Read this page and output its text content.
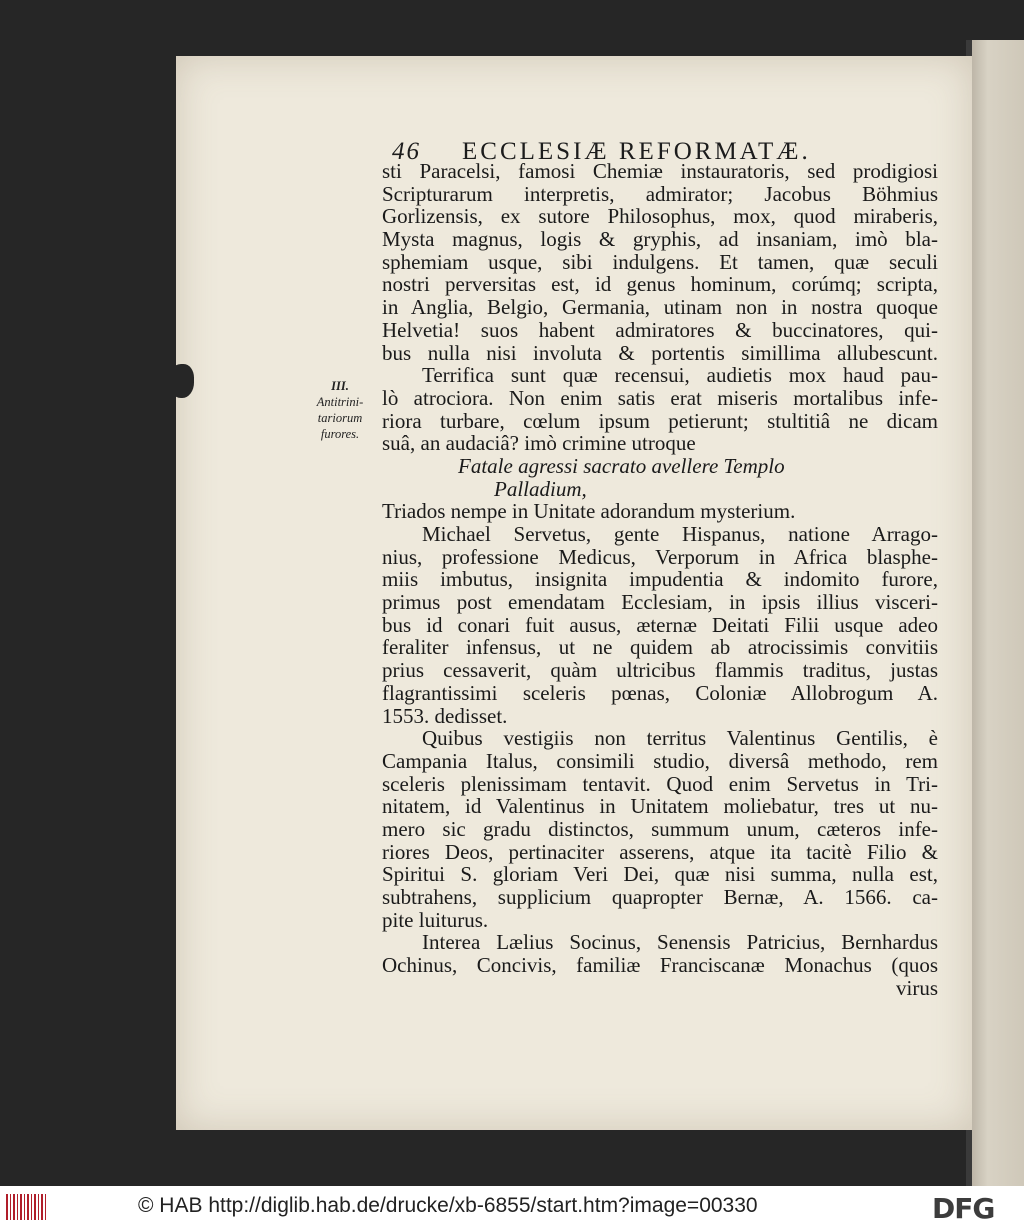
46 ECCLESIÆ REFORMATÆ.
III.
Antitrini-
tariorum
furores.
sti Paracelsi, famosi Chemiæ instauratoris, sed prodigiosi
Scripturarum interpretis, admirator; Jacobus Böhmius
Gorlizensis, ex sutore Philosophus, mox, quod miraberis,
Mysta magnus, logis & gryphis, ad insaniam, imò bla-
sphemiam usque, sibi indulgens. Et tamen, quæ seculi
nostri perversitas est, id genus hominum, corúmq; scripta,
in Anglia, Belgio, Germania, utinam non in nostra quoque
Helvetia! suos habent admiratores & buccinatores, qui-
bus nulla nisi involuta & portentis simillima allubescunt.
Terrifica sunt quæ recensui, audietis mox haud pau-
lò atrociora. Non enim satis erat miseris mortalibus infe-
riora turbare, cœlum ipsum petierunt; stultitiâ ne dicam
suâ, an audaciâ? imò crimine utroque
Fatale agressi sacrato avellere Templo
Palladium,
Triados nempe in Unitate adorandum mysterium.
Michael Servetus, gente Hispanus, natione Arrago-
nius, professione Medicus, Verporum in Africa blasphe-
miis imbutus, insignita impudentia & indomito furore,
primus post emendatam Ecclesiam, in ipsis illius visceri-
bus id conari fuit ausus, æternæ Deitati Filii usque adeo
feraliter infensus, ut ne quidem ab atrocissimis convitiis
prius cessaverit, quàm ultricibus flammis traditus, justas
flagrantissimi sceleris pœnas, Coloniæ Allobrogum A.
1553. dedisset.
Quibus vestigiis non territus Valentinus Gentilis, è
Campania Italus, consimili studio, diversâ methodo, rem
sceleris plenissimam tentavit. Quod enim Servetus in Tri-
nitatem, id Valentinus in Unitatem moliebatur, tres ut nu-
mero sic gradu distinctos, summum unum, cæteros infe-
riores Deos, pertinaciter asserens, atque ita tacitè Filio &
Spiritui S. gloriam Veri Dei, quæ nisi summa, nulla est,
subtrahens, supplicium quapropter Bernæ, A. 1566. ca-
pite luiturus.
Interea Lælius Socinus, Senensis Patricius, Bernhardus
Ochinus, Concivis, familiæ Franciscanæ Monachus (quos
virus
© HAB http://diglib.hab.de/drucke/xb-6855/start.htm?image=00330	DFG
